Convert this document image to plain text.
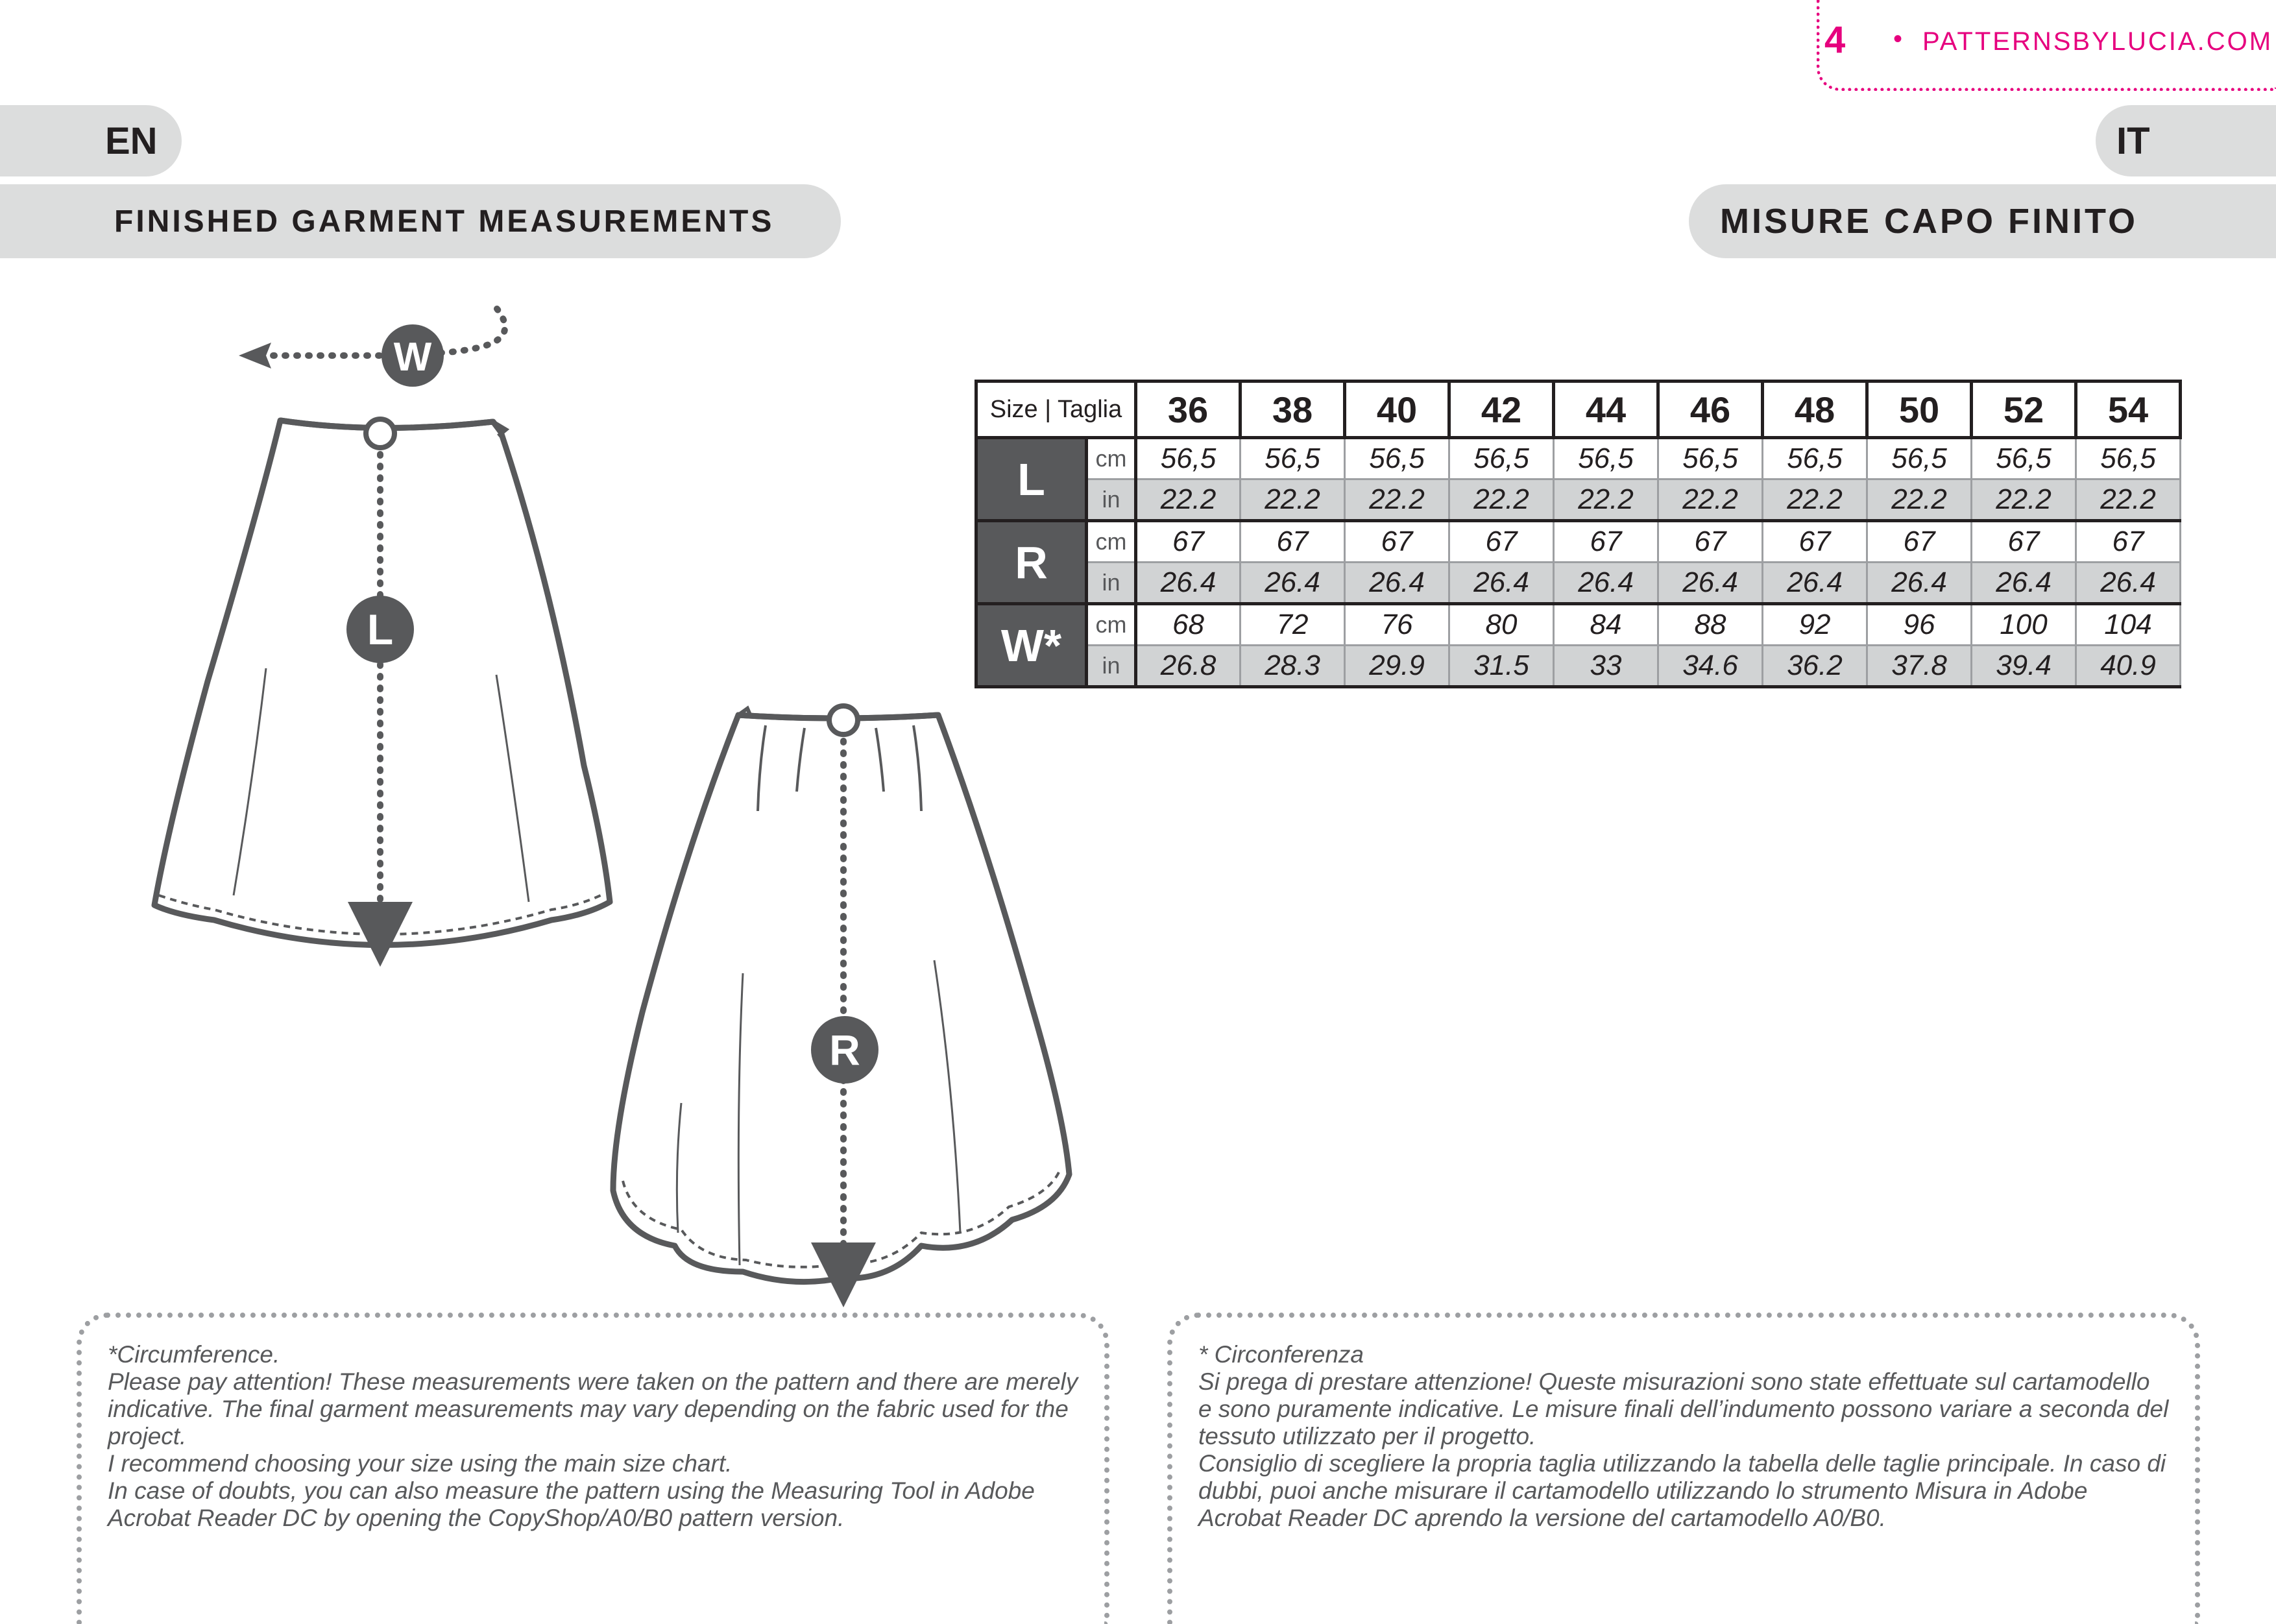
4 • PATTERNSBYLUCIA.COM
EN	IT
FINISHED GARMENT MEASUREMENTS	MISURE CAPO FINITO
L
W
R
Size | Taglia		36	38	40	42	44	46	48	50	52	54
L	cm	56,5	56,5	56,5	56,5	56,5	56,5	56,5	56,5	56,5	56,5
	in	22.2	22.2	22.2	22.2	22.2	22.2	22.2	22.2	22.2	22.2
R	cm	67	67	67	67	67	67	67	67	67	67
	in	26.4	26.4	26.4	26.4	26.4	26.4	26.4	26.4	26.4	26.4
W*	cm	68	72	76	80	84	88	92	96	100	104
	in	26.8	28.3	29.9	31.5	33	34.6	36.2	37.8	39.4	40.9

*Circumference.

Please pay attention! These measurements were taken on the pattern and there are merely indicative. The final garment measurements may vary depending on the fabric used for the project.

I recommend choosing your size using the main size chart.

In case of doubts, you can also measure the pattern using the Measuring Tool in Adobe Acrobat Reader DC by opening the CopyShop/A0/B0 pattern version.

* Circonferenza

Si prega di prestare attenzione! Queste misurazioni sono state effettuate sul cartamodello e sono puramente indicative. Le misure finali dell’indumento possono variare a seconda del tessuto utilizzato per il progetto.

Consiglio di scegliere la propria taglia utilizzando la tabella delle taglie principale. In caso di dubbi, puoi anche misurare il cartamodello utilizzando lo strumento Misura in Adobe Acrobat Reader DC aprendo la versione del cartamodello A0/B0.
